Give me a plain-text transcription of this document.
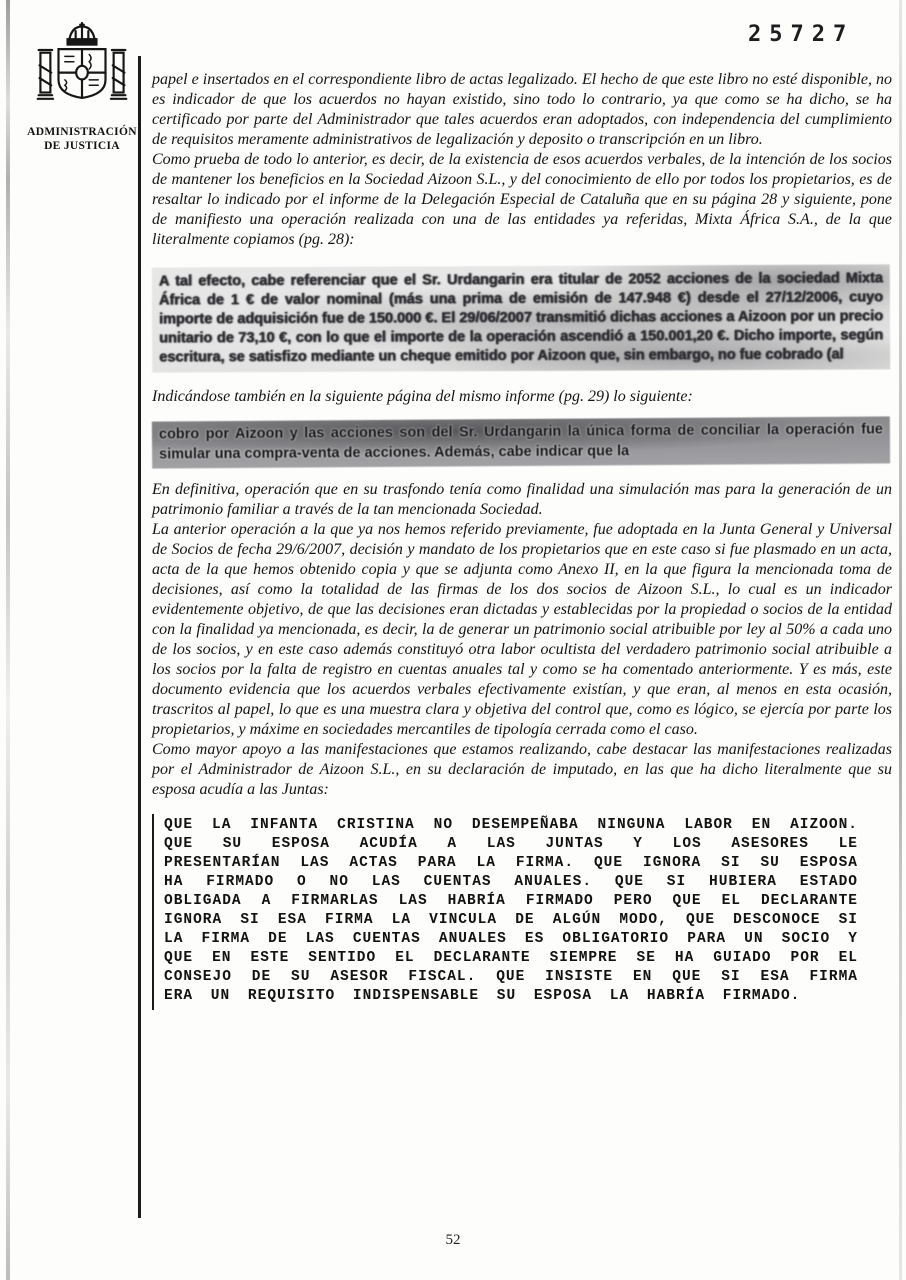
25727
ADMINISTRACIÓN
DE JUSTICIA

papel e insertados en el correspondiente libro de actas legalizado. El hecho de que este libro no esté disponible, no es indicador de que los acuerdos no hayan existido, sino todo lo contrario, ya que como se ha dicho, se ha certificado por parte del Administrador que tales acuerdos eran adoptados, con independencia del cumplimiento de requisitos meramente administrativos de legalización y deposito o transcripción en un libro.

Como prueba de todo lo anterior, es decir, de la existencia de esos acuerdos verbales, de la intención de los socios de mantener los beneficios en la Sociedad Aizoon S.L., y del conocimiento de ello por todos los propietarios, es de resaltar lo indicado por el informe de la Delegación Especial de Cataluña que en su página 28 y siguiente, pone de manifiesto una operación realizada con una de las entidades ya referidas, Mixta África S.A., de la que literalmente copiamos (pg. 28):

A tal efecto, cabe referenciar que el Sr. Urdangarin era titular de 2052 acciones de la sociedad Mixta África de 1 € de valor nominal (más una prima de emisión de 147.948 €) desde el 27/12/2006, cuyo importe de adquisición fue de 150.000 €. El 29/06/2007 transmitió dichas acciones a Aizoon por un precio unitario de 73,10 €, con lo que el importe de la operación ascendió a 150.001,20 €. Dicho importe, según escritura, se satisfizo mediante un cheque emitido por Aizoon que, sin embargo, no fue cobrado (al

Indicándose también en la siguiente página del mismo informe (pg. 29) lo siguiente:

cobro por Aizoon y las acciones son del Sr. Urdangarin la única forma de conciliar la operación fue simular una compra-venta de acciones. Además, cabe indicar que la

En definitiva, operación que en su trasfondo tenía como finalidad una simulación mas para la generación de un patrimonio familiar a través de la tan mencionada Sociedad.

La anterior operación a la que ya nos hemos referido previamente, fue adoptada en la Junta General y Universal de Socios de fecha 29/6/2007, decisión y mandato de los propietarios que en este caso si fue plasmado en un acta, acta de la que hemos obtenido copia y que se adjunta como Anexo II, en la que figura la mencionada toma de decisiones, así como la totalidad de las firmas de los dos socios de Aizoon S.L., lo cual es un indicador evidentemente objetivo, de que las decisiones eran dictadas y establecidas por la propiedad o socios de la entidad con la finalidad ya mencionada, es decir, la de generar un patrimonio social atribuible por ley al 50% a cada uno de los socios, y en este caso además constituyó otra labor ocultista del verdadero patrimonio social atribuible a los socios por la falta de registro en cuentas anuales tal y como se ha comentado anteriormente. Y es más, este documento evidencia que los acuerdos verbales efectivamente existían, y que eran, al menos en esta ocasión, trascritos al papel, lo que es una muestra clara y objetiva del control que, como es lógico, se ejercía por parte los propietarios, y máxime en sociedades mercantiles de tipología cerrada como el caso.

Como mayor apoyo a las manifestaciones que estamos realizando, cabe destacar las manifestaciones realizadas por el Administrador de Aizoon S.L., en su declaración de imputado, en las que ha dicho literalmente que su esposa acudía a las Juntas:

QUE LA INFANTA CRISTINA NO DESEMPEÑABA NINGUNA LABOR EN AIZOON. QUE SU ESPOSA ACUDÍA A LAS JUNTAS Y LOS ASESORES LE PRESENTARÍAN LAS ACTAS PARA LA FIRMA. QUE IGNORA SI SU ESPOSA HA FIRMADO O NO LAS CUENTAS ANUALES. QUE SI HUBIERA ESTADO OBLIGADA A FIRMARLAS LAS HABRÍA FIRMADO PERO QUE EL DECLARANTE IGNORA SI ESA FIRMA LA VINCULA DE ALGÚN MODO, QUE DESCONOCE SI LA FIRMA DE LAS CUENTAS ANUALES ES OBLIGATORIO PARA UN SOCIO Y QUE EN ESTE SENTIDO EL DECLARANTE SIEMPRE SE HA GUIADO POR EL CONSEJO DE SU ASESOR FISCAL. QUE INSISTE EN QUE SI ESA FIRMA ERA UN REQUISITO INDISPENSABLE SU ESPOSA LA HABRÍA FIRMADO.
52
